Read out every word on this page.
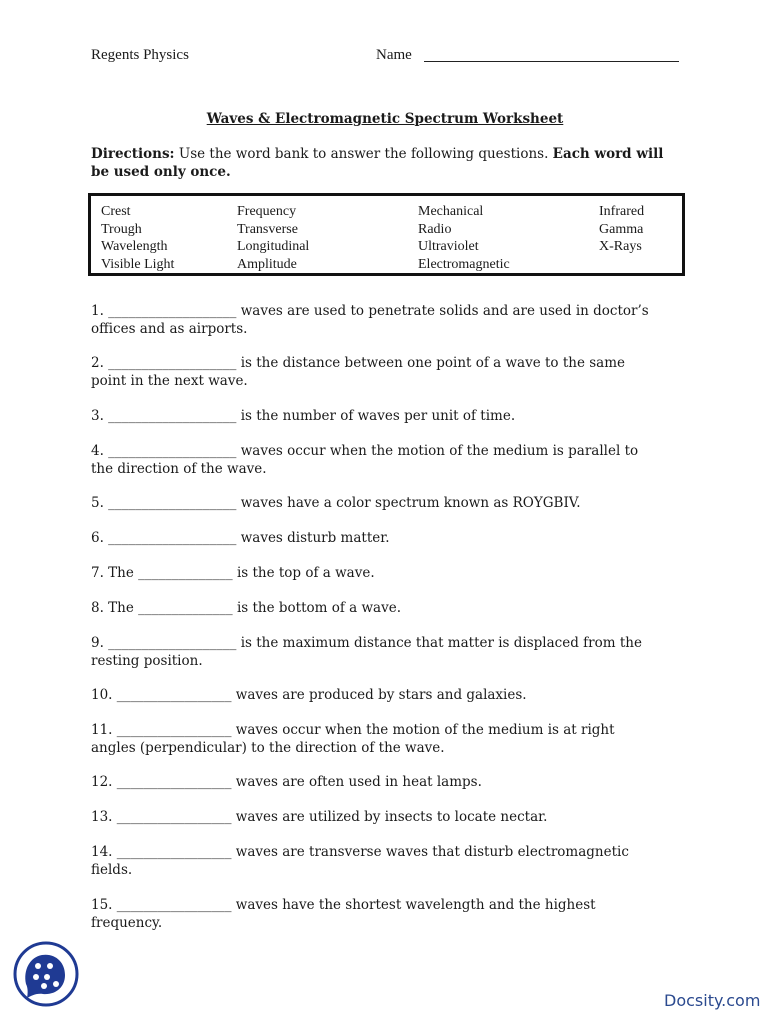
Regents Physics	Name
Waves & Electromagnetic Spectrum Worksheet
Directions: Use the word bank to answer the following questions. Each word will
be used only once.
Crest
Trough
Wavelength
Visible Light
Frequency
Transverse
Longitudinal
Amplitude
Mechanical
Radio
Ultraviolet
Electromagnetic
Infrared
Gamma
X-Rays
1. ___________________ waves are used to penetrate solids and are used in doctor’s
offices and as airports.
2. ___________________ is the distance between one point of a wave to the same
point in the next wave.
3. ___________________ is the number of waves per unit of time.
4. ___________________ waves occur when the motion of the medium is parallel to
the direction of the wave.
5. ___________________ waves have a color spectrum known as ROYGBIV.
6. ___________________ waves disturb matter.
7. The ______________ is the top of a wave.
8. The ______________ is the bottom of a wave.
9. ___________________ is the maximum distance that matter is displaced from the
resting position.
10. _________________ waves are produced by stars and galaxies.
11. _________________ waves occur when the motion of the medium is at right
angles (perpendicular) to the direction of the wave.
12. _________________ waves are often used in heat lamps.
13. _________________ waves are utilized by insects to locate nectar.
14. _________________ waves are transverse waves that disturb electromagnetic
fields.
15. _________________ waves have the shortest wavelength and the highest
frequency.
Docsity.com
